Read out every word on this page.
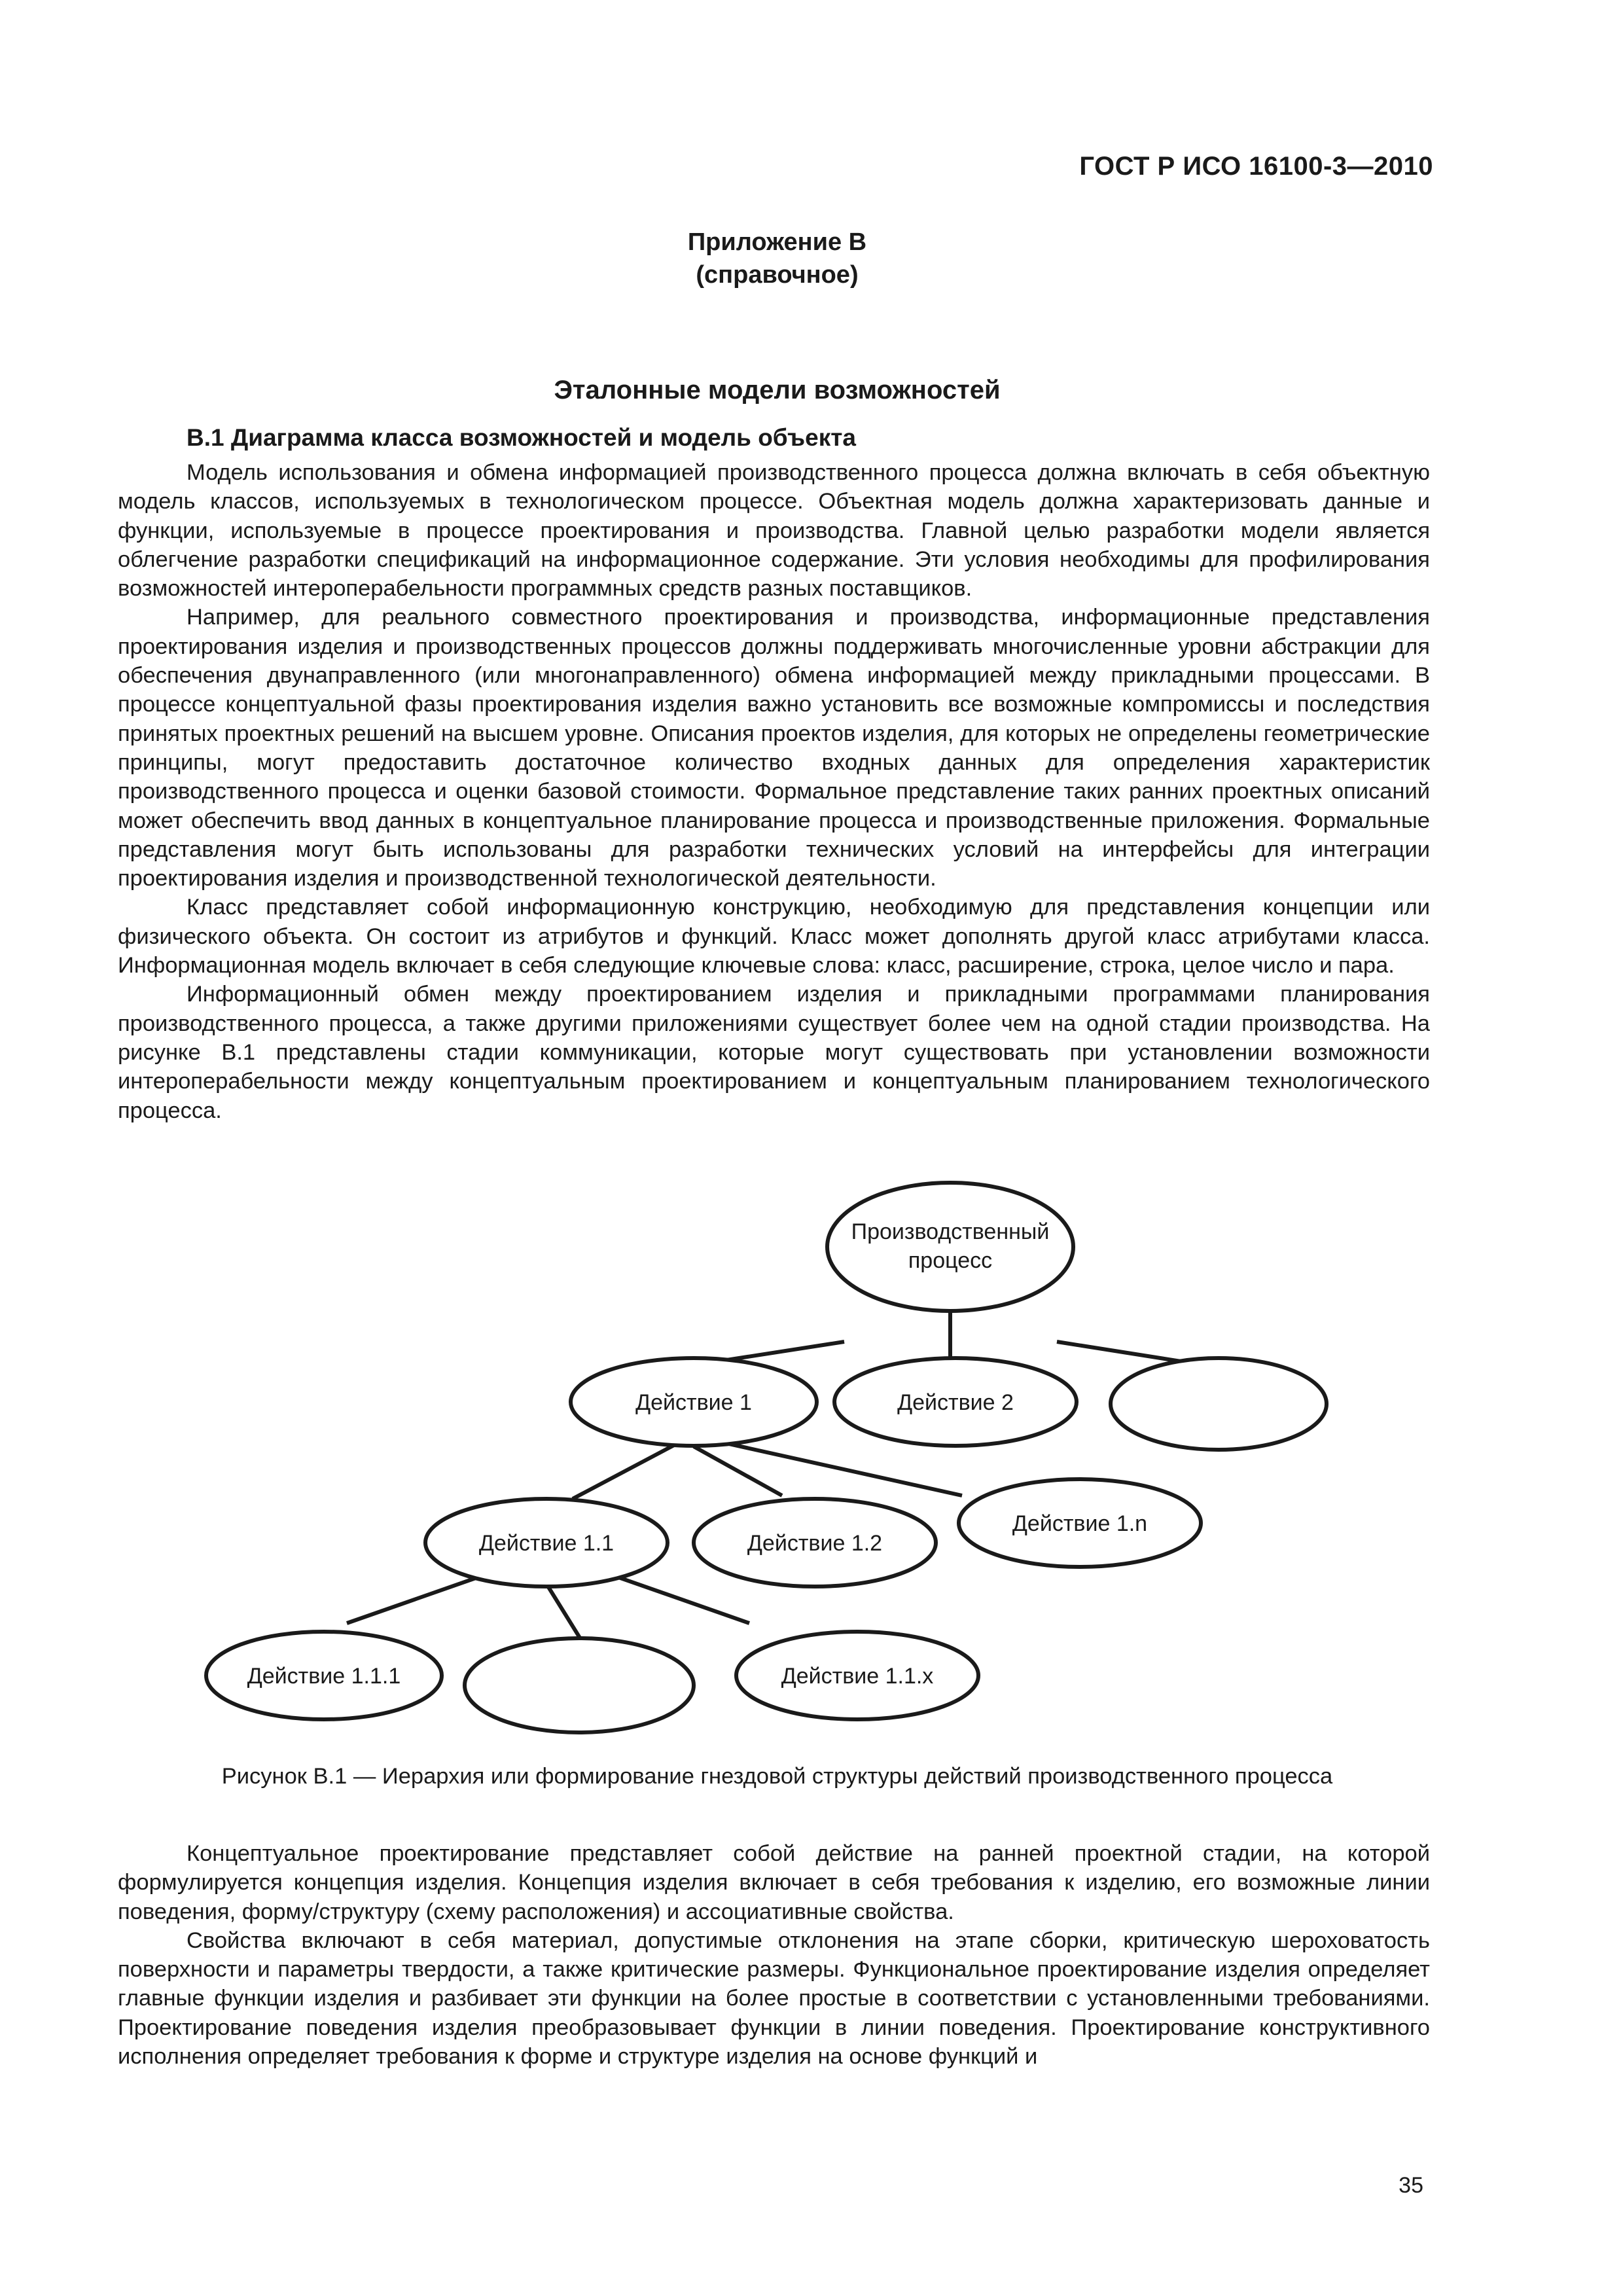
ГОСТ Р ИСО 16100-3—2010
Приложение В
(справочное)
Эталонные модели возможностей
В.1 Диаграмма класса возможностей и модель объекта

Модель использования и обмена информацией производственного процесса должна включать в себя объектную модель классов, используемых в технологическом процессе. Объектная модель должна характеризовать данные и функции, используемые в процессе проектирования и производства. Главной целью разработки модели является облегчение разработки спецификаций на информационное содержание. Эти условия необходимы для профилирования возможностей интероперабельности программных средств разных поставщиков.

Например, для реального совместного проектирования и производства, информационные представления проектирования изделия и производственных процессов должны поддерживать многочисленные уровни абстракции для обеспечения двунаправленного (или многонаправленного) обмена информацией между прикладными процессами. В процессе концептуальной фазы проектирования изделия важно установить все возможные компромиссы и последствия принятых проектных решений на высшем уровне. Описания проектов изделия, для которых не определены геометрические принципы, могут предоставить достаточное количество входных данных для определения характеристик производственного процесса и оценки базовой стоимости. Формальное представление таких ранних проектных описаний может обеспечить ввод данных в концептуальное планирование процесса и производственные приложения. Формальные представления могут быть использованы для разработки технических условий на интерфейсы для интеграции проектирования изделия и производственной технологической деятельности.

Класс представляет собой информационную конструкцию, необходимую для представления концепции или физического объекта. Он состоит из атрибутов и функций. Класс может дополнять другой класс атрибутами класса. Информационная модель включает в себя следующие ключевые слова: класс, расширение, строка, целое число и пара.

Информационный обмен между проектированием изделия и прикладными программами планирования производственного процесса, а также другими приложениями существует более чем на одной стадии производства. На рисунке В.1 представлены стадии коммуникации, которые могут существовать при установлении возможности интероперабельности между концептуальным проектированием и концептуальным планированием технологического процесса.

Производственный
процесс
Действие 1	Действие 2
Действие 1.1	Действие 1.2
Действие 1.n
Действие 1.1.1	Действие 1.1.x
Рисунок В.1 — Иерархия или формирование гнездовой структуры действий производственного процесса

Концептуальное проектирование представляет собой действие на ранней проектной стадии, на которой формулируется концепция изделия. Концепция изделия включает в себя требования к изделию, его возможные линии поведения, форму/структуру (схему расположения) и ассоциативные свойства.

Свойства включают в себя материал, допустимые отклонения на этапе сборки, критическую шероховатость поверхности и параметры твердости, а также критические размеры. Функциональное проектирование изделия определяет главные функции изделия и разбивает эти функции на более простые в соответствии с установленными требованиями. Проектирование поведения изделия преобразовывает функции в линии поведения. Проектирование конструктивного исполнения определяет требования к форме и структуре изделия на основе функций и

35
